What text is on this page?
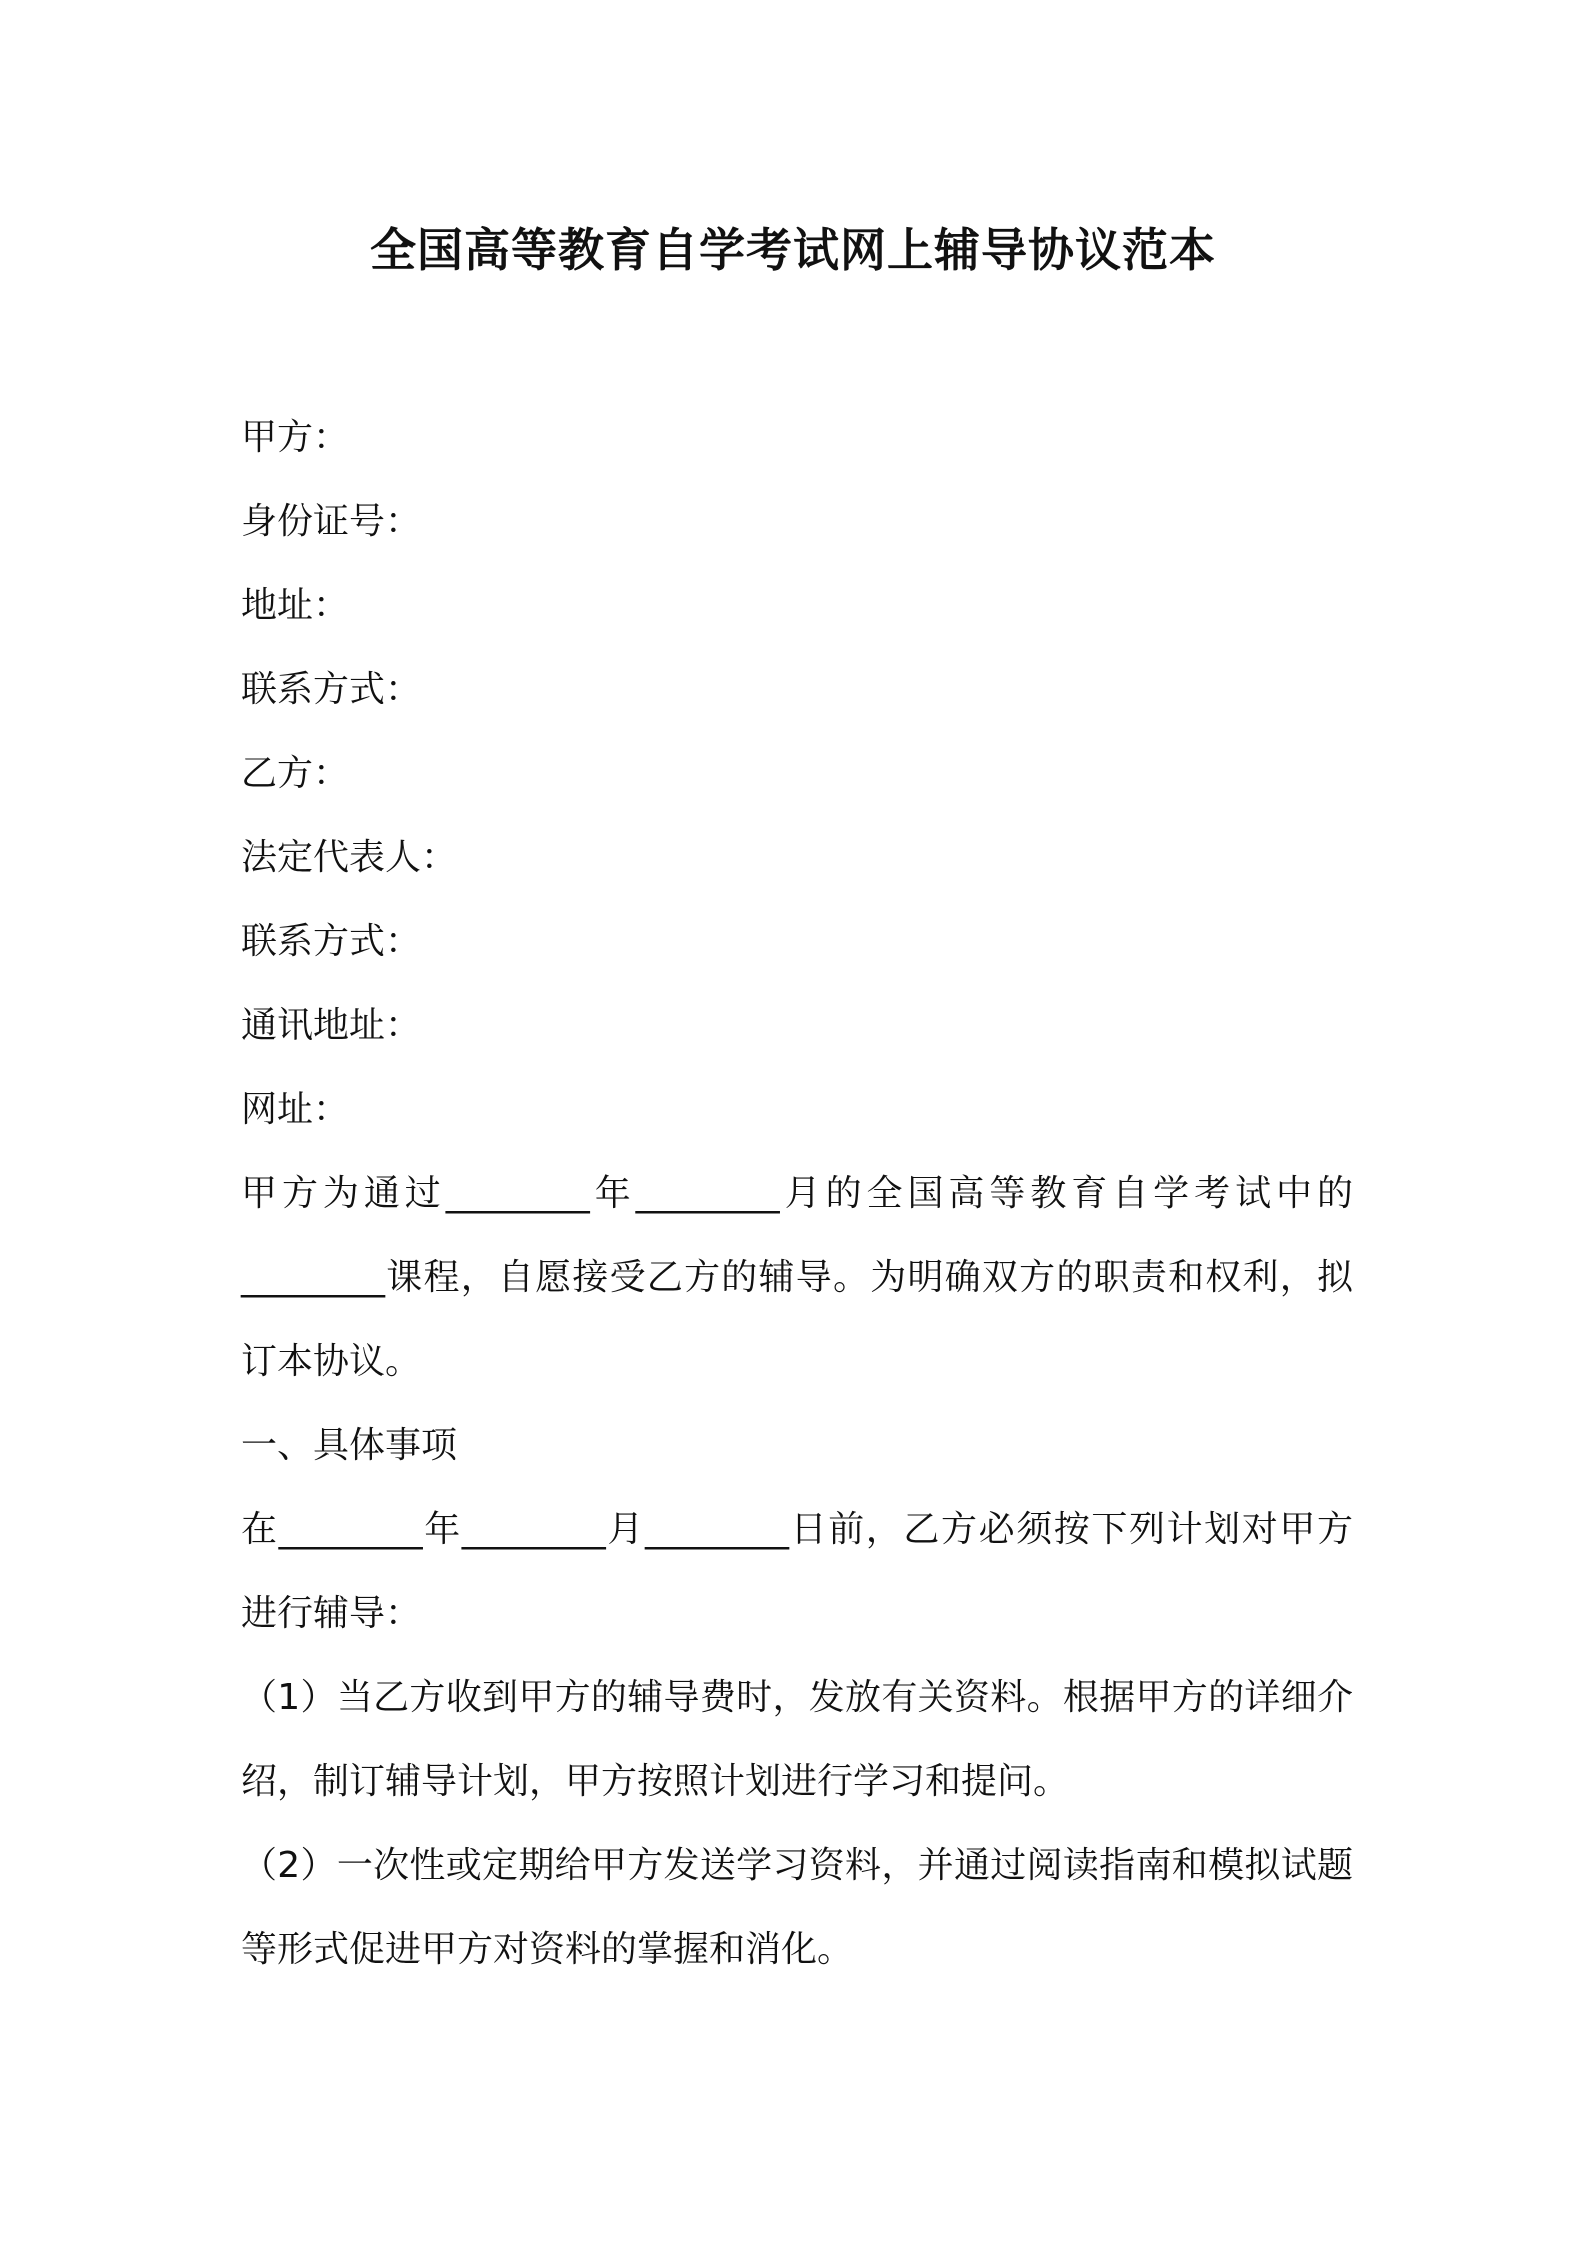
全国高等教育自学考试网上辅导协议范本

甲方：

身份证号：

地址：

联系方式：

乙方：

法定代表人：

联系方式：

通讯地址：

网址：

甲方为通过________年________月的全国高等教育自学考试中的________课程，自愿接受乙方的辅导。为明确双方的职责和权利，拟订本协议。

一、具体事项

在________年________月________日前，乙方必须按下列计划对甲方进行辅导：

（1）当乙方收到甲方的辅导费时，发放有关资料。根据甲方的详细介绍，制订辅导计划，甲方按照计划进行学习和提问。

（2）一次性或定期给甲方发送学习资料，并通过阅读指南和模拟试题等形式促进甲方对资料的掌握和消化。
